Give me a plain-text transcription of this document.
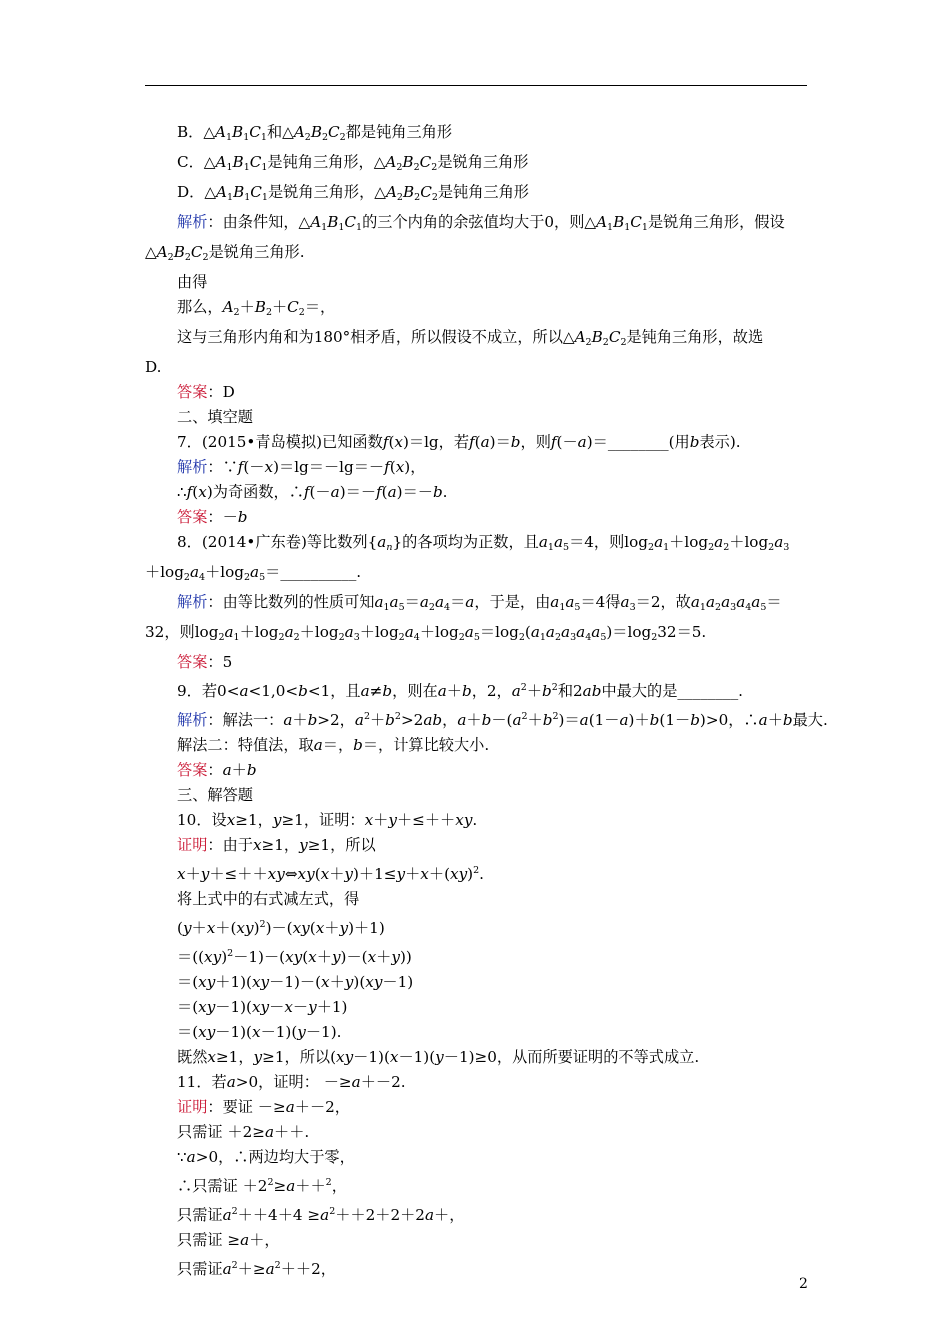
B．$\triangle A_1B_1C_1$和$\triangle A_2B_2C_2$都是钝角三角形
C．$\triangle A_1B_1C_1$是钝角三角形，$\triangle A_2B_2C_2$是锐角三角形
D．$\triangle A_1B_1C_1$是锐角三角形，$\triangle A_2B_2C_2$是钝角三角形
解析：由条件知，$\triangle A_1B_1C_1$的三个内角的余弦值均大于0，则$\triangle A_1B_1C_1$是锐角三角形，假设
$\triangle A_2B_2C_2$是锐角三角形.
由得
那么，$A_2+B_2+C_2=$，
这与三角形内角和为180°相矛盾，所以假设不成立，所以$\triangle A_2B_2C_2$是钝角三角形，故选
D.
答案：D
二、填空题
7．(2015•青岛模拟)已知函数f(x)＝lg，若f(a)＝b，则f(－a)＝________(用b表示).
解析：∵f(－x)＝lg＝－lg＝－f(x)，
∴f(x)为奇函数，∴f(－a)＝－f(a)＝－b.
答案：－b
8．(2014•广东卷)等比数列$\{a_n\}$的各项均为正数，且$a_1a_5=4$，则$\log_2a_1+\log_2a_2+\log_2a_3$
$+\log_2a_4+\log_2a_5=\_\_\_\_\_\_\_\_\_\_$.
解析：由等比数列的性质可知$a_1a_5=a_2a_4=a$，于是，由$a_1a_5=4$得$a_3=2$，故$a_1a_2a_3a_4a_5=$
32，则$\log_2a_1+\log_2a_2+\log_2a_3+\log_2a_4+\log_2a_5=\log_2(a_1a_2a_3a_4a_5)=\log_232=5$.
答案：5
9．若0<a<1,0<b<1，且a≠b，则在a＋b，2，$a^2+b^2$和2ab中最大的是________.
解析：解法一：a＋b>2，$a^2+b^2>2ab$，$a+b-(a^2+b^2)=a(1-a)+b(1-b)>0$，∴a＋b最大.
解法二：特值法，取a＝，b＝，计算比较大小.
答案：a＋b
三、解答题
10．设x≥1，y≥1，证明：x＋y＋≤＋＋xy.
证明：由于x≥1，y≥1，所以
x＋y＋≤＋＋xy⇔xy(x＋y)＋1≤y＋x＋(xy)$^2$.
将上式中的右式减左式，得
(y＋x＋(xy)$^2$)－(xy(x＋y)＋1)
＝((xy)$^2$－1)－(xy(x＋y)－(x＋y))
＝(xy＋1)(xy－1)－(x＋y)(xy－1)
＝(xy－1)(xy－x－y＋1)
＝(xy－1)(x－1)(y－1).
既然x≥1，y≥1，所以(xy－1)(x－1)(y－1)≥0，从而所要证明的不等式成立.
11．若a>0，证明： －≥a＋－2.
证明：要证 －≥a＋－2，
只需证 ＋2≥a＋＋.
∵a>0，∴两边均大于零，
∴只需证 $+2^2\ge a++^2$，
只需证$a^2++4+4 \ge a^2++2+2+2a+$，
只需证 ≥a＋，
只需证$a^2+\ge a^2++2$，
2
